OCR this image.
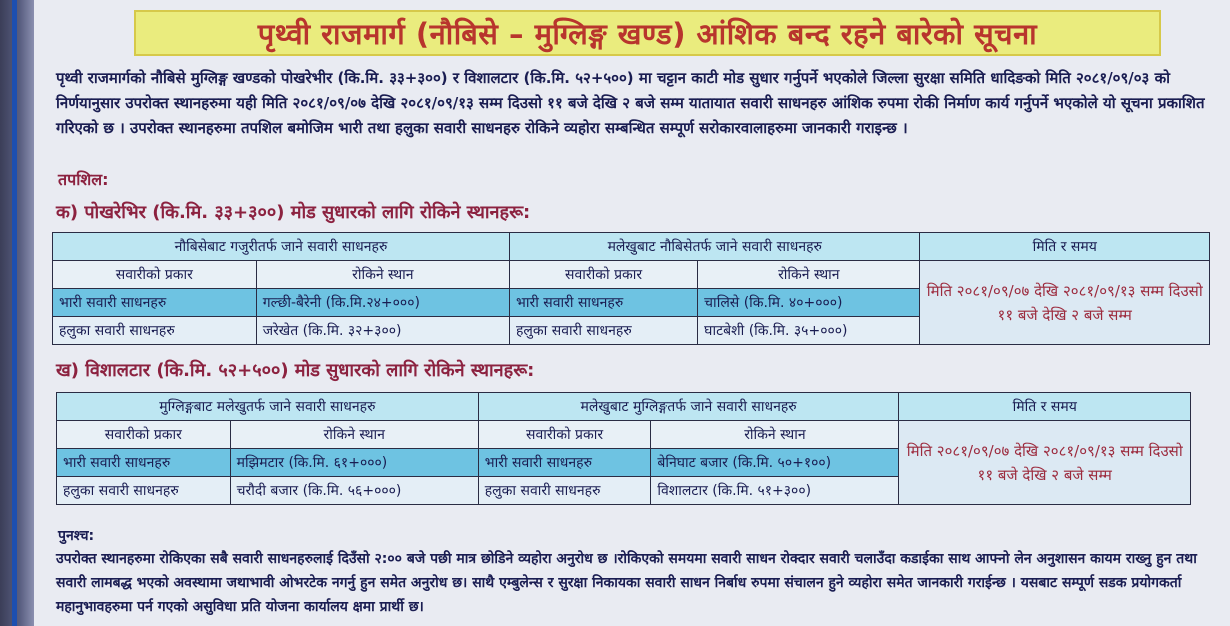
पृथ्वी राजमार्ग (नौबिसे – मुग्लिङ्ग खण्ड) आंशिक बन्द रहने बारेको सूचना
पृथ्वी राजमार्गको नौबिसे मुग्लिङ्ग खण्डको पोखरेभीर (कि.मि. ३३+३००) र विशालटार (कि.मि. ५२+५००) मा चट्टान काटी मोड सुधार गर्नुपर्ने भएकोले जिल्ला सुरक्षा समिति धादिङको मिति २०८१/०९/०३ को निर्णयानुसार उपरोक्त स्थानहरुमा यही मिति २०८१/०९/०७ देखि २०८१/०९/१३ सम्म दिउसो ११ बजे देखि २ बजे सम्म यातायात सवारी साधनहरु आंशिक रुपमा रोकी निर्माण कार्य गर्नुपर्ने भएकोले यो सूचना प्रकाशित गरिएको छ । उपरोक्त स्थानहरुमा तपशिल बमोजिम भारी तथा हलुका सवारी साधनहरु रोकिने व्यहोरा सम्बन्धित सम्पूर्ण सरोकारवालाहरुमा जानकारी गराइन्छ ।
तपशिल:
क) पोखरेभिर (कि.मि. ३३+३००) मोड सुधारको लागि रोकिने स्थानहरू:
ख) विशालटार (कि.मि. ५२+५००) मोड सुधारको लागि रोकिने स्थानहरू:
पुनश्च:
उपरोक्त स्थानहरुमा रोकिएका सबै सवारी साधनहरुलाई दिउँसो २:०० बजे पछी मात्र छोडिने व्यहोरा अनुरोध छ ।रोकिएको समयमा सवारी साधन रोक्दार सवारी चलाउँदा कडाईका साथ आफ्नो लेन अनुशासन कायम राख्नु हुन तथा सवारी लामबद्ध भएको अवस्थामा जथाभावी ओभरटेक नगर्नु हुन समेत अनुरोध छ। साथै एम्बुलेन्स र सुरक्षा निकायका सवारी साधन निर्बाध रुपमा संचालन हुने व्यहोरा समेत जानकारी गराईन्छ । यसबाट सम्पूर्ण सडक प्रयोगकर्ता महानुभावहरुमा पर्न गएको असुविधा प्रति योजना कार्यालय क्षमा प्रार्थी छ।
नौबिसेबाट गजुरीतर्फ जाने सवारी साधनहरु		मलेखुबाट नौबिसेतर्फ जाने सवारी साधनहरु		मिति र समय
सवारीको प्रकार	रोकिने स्थान	सवारीको प्रकार	रोकिने स्थान	मिति २०८१/०९/०७ देखि २०८१/०९/१३ सम्म दिउसो ११ बजे देखि २ बजे सम्म
भारी सवारी साधनहरु	गल्छी-बैरेनी (कि.मि.२४+०००)	भारी सवारी साधनहरु	चालिसे (कि.मि. ४०+०००)	
हलुका सवारी साधनहरु	जरेखेत (कि.मि. ३२+३००)	हलुका सवारी साधनहरु	घाटबेशी (कि.मि. ३५+०००)	
मुग्लिङ्गबाट मलेखुतर्फ जाने सवारी साधनहरु		मलेखुबाट मुग्लिङ्गतर्फ जाने सवारी साधनहरु		मिति र समय
सवारीको प्रकार	रोकिने स्थान	सवारीको प्रकार	रोकिने स्थान	मिति २०८१/०९/०७ देखि २०८१/०९/१३ सम्म दिउसो ११ बजे देखि २ बजे सम्म
भारी सवारी साधनहरु	मझिमटार (कि.मि. ६१+०००)	भारी सवारी साधनहरु	बेनिघाट बजार (कि.मि. ५०+१००)	
हलुका सवारी साधनहरु	चरौदी बजार (कि.मि. ५६+०००)	हलुका सवारी साधनहरु	विशालटार (कि.मि. ५१+३००)	
